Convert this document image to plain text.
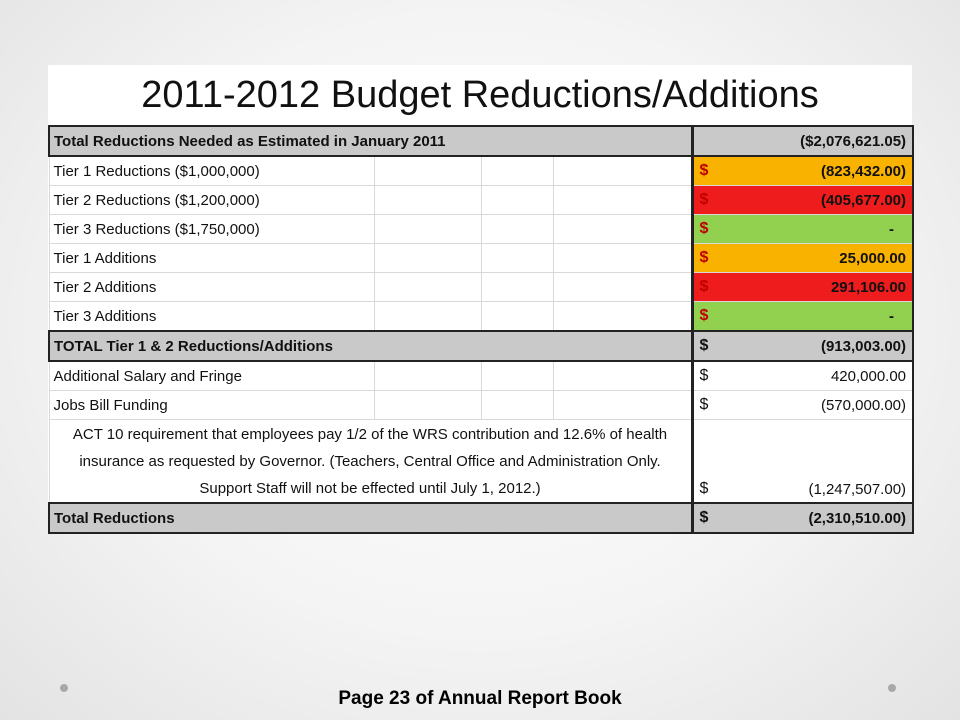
2011-2012 Budget Reductions/Additions
Total Reductions Needed as Estimated in January 2011				($2,076,621.05)
Tier 1 Reductions ($1,000,000)				$ (823,432.00)

Tier 2 Reductions ($1,200,000)				$ (405,677.00)

Tier 3 Reductions ($1,750,000)				$ -

Tier 1 Additions				$ 25,000.00

Tier 2 Additions				$ 291,106.00

Tier 3 Additions				$ -

TOTAL Tier 1 & 2 Reductions/Additions				$ (913,003.00)

Additional Salary and Fringe				$ 420,000.00

Jobs Bill Funding				$ (570,000.00)

ACT 10 requirement that employees pay 1/2 of the WRS contribution and 12.6% of health insurance as requested by Governor. (Teachers, Central Office and Administration Only. Support Staff will not be effected until July 1, 2012.)				$ (1,247,507.00)

Total Reductions				$ (2,310,510.00)
Page 23 of Annual Report Book
